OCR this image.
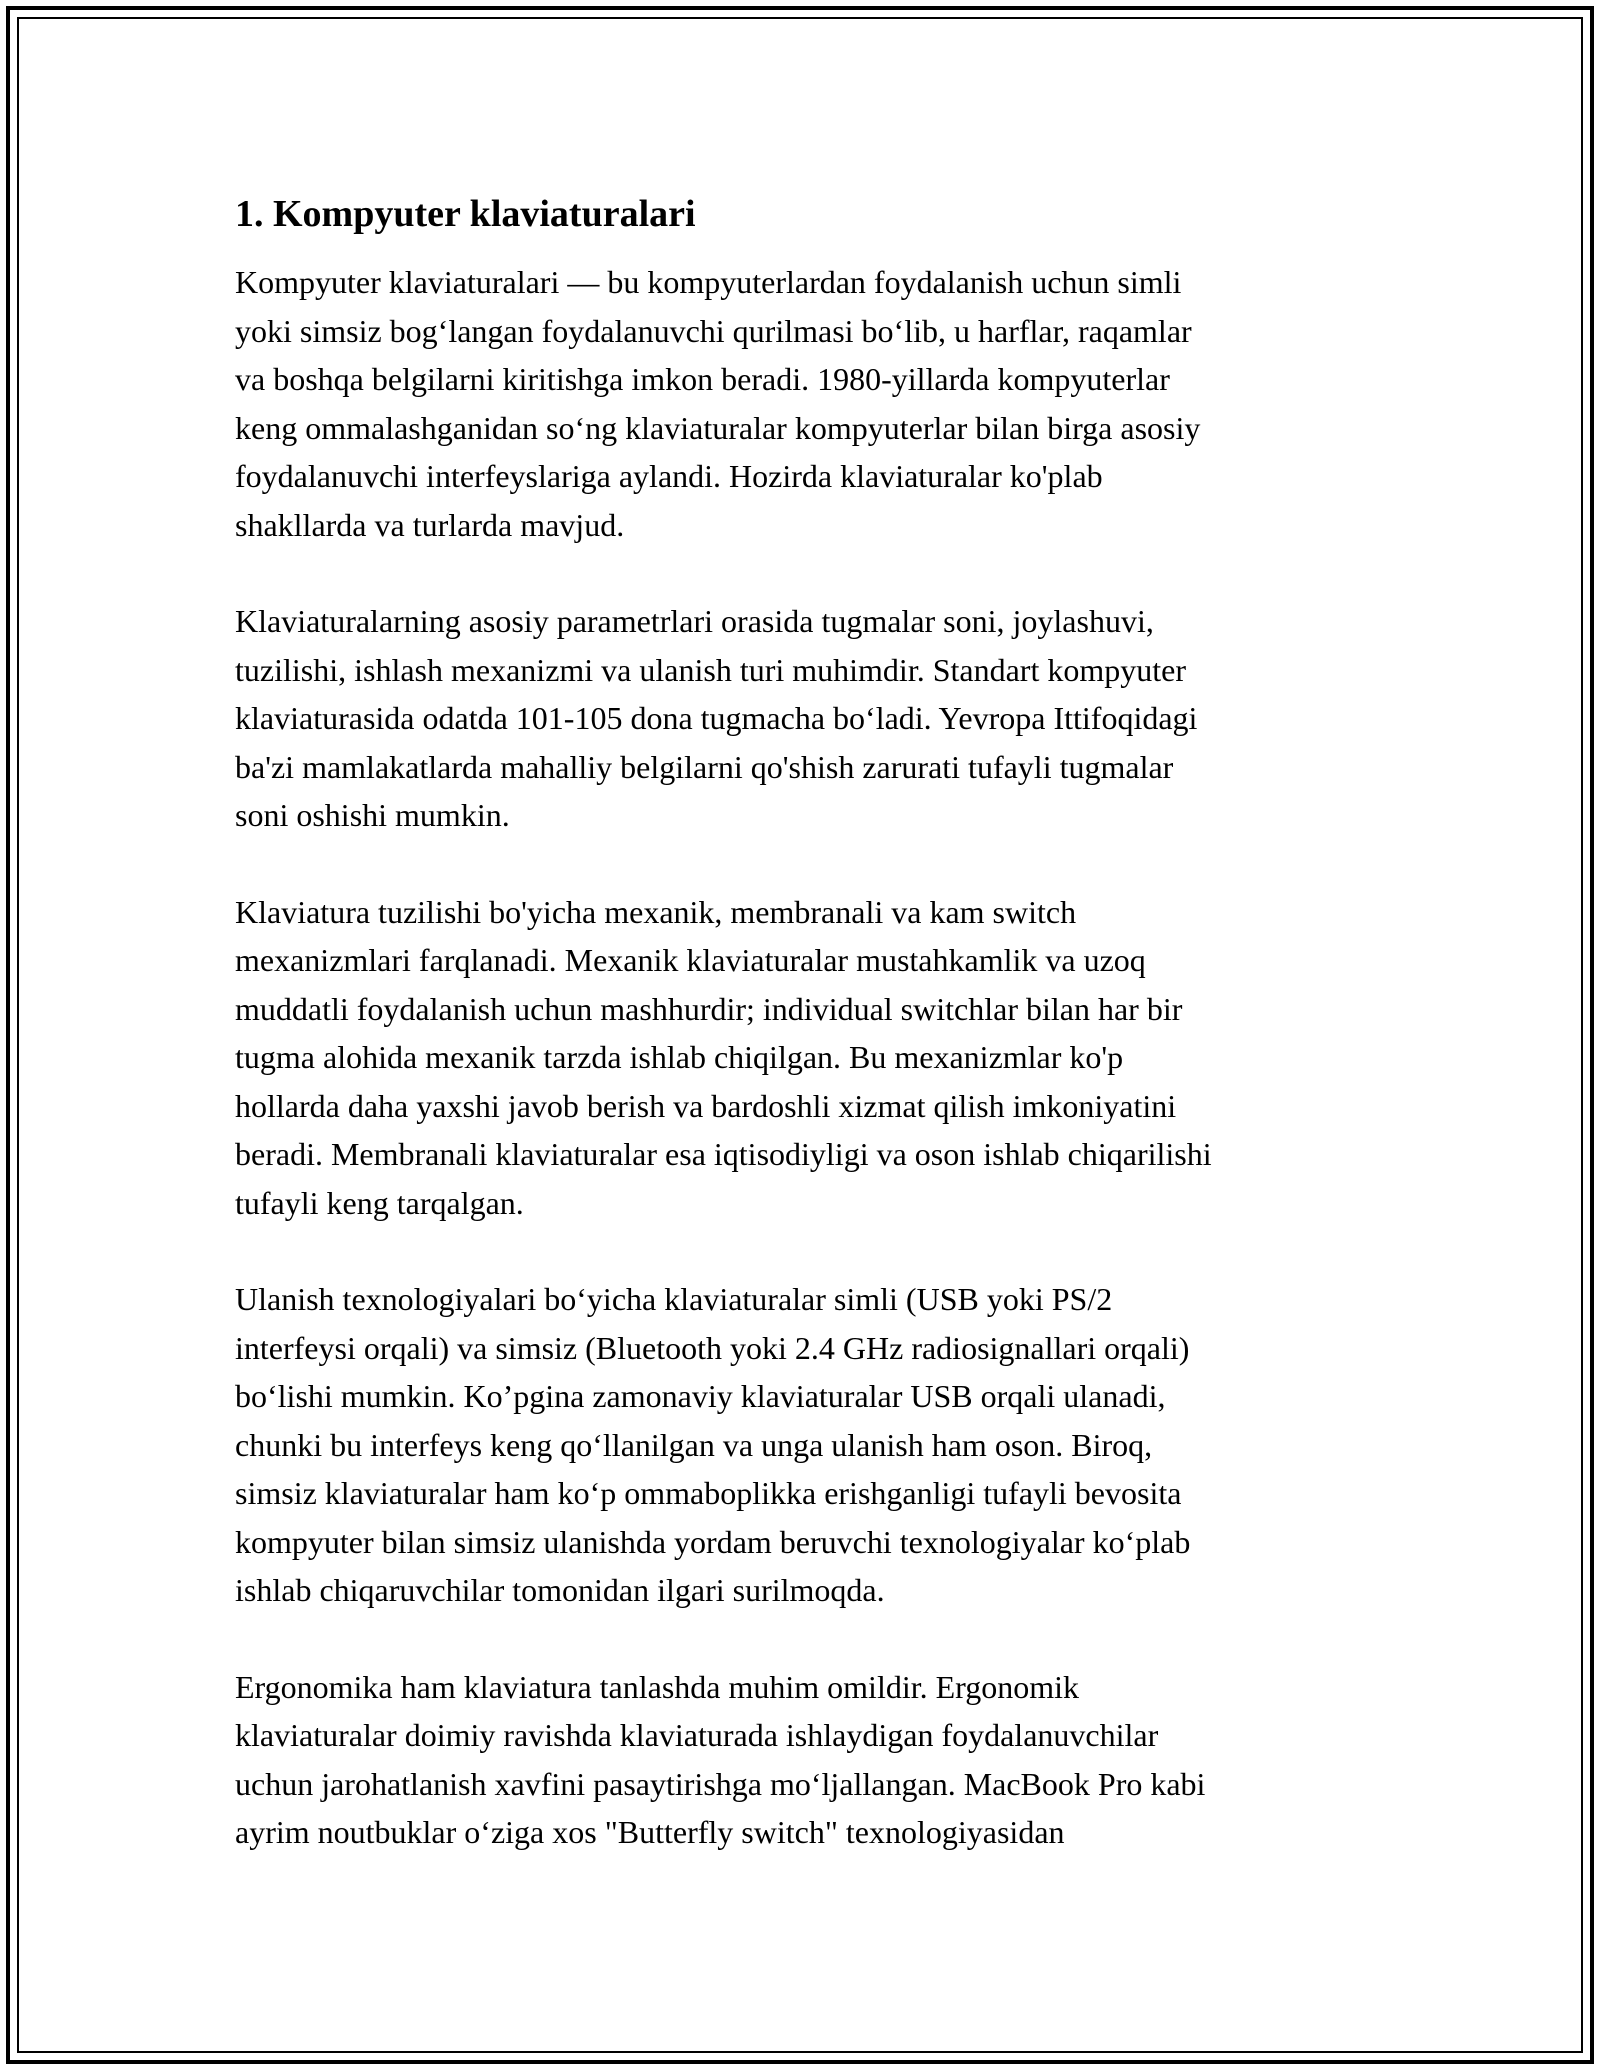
1. Kompyuter klaviaturalari
Kompyuter klaviaturalari — bu kompyuterlardan foydalanish uchun simli
yoki simsiz bog‘langan foydalanuvchi qurilmasi bo‘lib, u harflar, raqamlar
va boshqa belgilarni kiritishga imkon beradi. 1980-yillarda kompyuterlar
keng ommalashganidan so‘ng klaviaturalar kompyuterlar bilan birga asosiy
foydalanuvchi interfeyslariga aylandi. Hozirda klaviaturalar ko'plab
shakllarda va turlarda mavjud.
Klaviaturalarning asosiy parametrlari orasida tugmalar soni, joylashuvi,
tuzilishi, ishlash mexanizmi va ulanish turi muhimdir. Standart kompyuter
klaviaturasida odatda 101-105 dona tugmacha bo‘ladi. Yevropa Ittifoqidagi
ba'zi mamlakatlarda mahalliy belgilarni qo'shish zarurati tufayli tugmalar
soni oshishi mumkin.
Klaviatura tuzilishi bo'yicha mexanik, membranali va kam switch
mexanizmlari farqlanadi. Mexanik klaviaturalar mustahkamlik va uzoq
muddatli foydalanish uchun mashhurdir; individual switchlar bilan har bir
tugma alohida mexanik tarzda ishlab chiqilgan. Bu mexanizmlar ko'p
hollarda daha yaxshi javob berish va bardoshli xizmat qilish imkoniyatini
beradi. Membranali klaviaturalar esa iqtisodiyligi va oson ishlab chiqarilishi
tufayli keng tarqalgan.
Ulanish texnologiyalari bo‘yicha klaviaturalar simli (USB yoki PS/2
interfeysi orqali) va simsiz (Bluetooth yoki 2.4 GHz radiosignallari orqali)
bo‘lishi mumkin. Ko’pgina zamonaviy klaviaturalar USB orqali ulanadi,
chunki bu interfeys keng qo‘llanilgan va unga ulanish ham oson. Biroq,
simsiz klaviaturalar ham ko‘p ommaboplikka erishganligi tufayli bevosita
kompyuter bilan simsiz ulanishda yordam beruvchi texnologiyalar ko‘plab
ishlab chiqaruvchilar tomonidan ilgari surilmoqda.
Ergonomika ham klaviatura tanlashda muhim omildir. Ergonomik
klaviaturalar doimiy ravishda klaviaturada ishlaydigan foydalanuvchilar
uchun jarohatlanish xavfini pasaytirishga mo‘ljallangan. MacBook Pro kabi
ayrim noutbuklar o‘ziga xos "Butterfly switch" texnologiyasidan
